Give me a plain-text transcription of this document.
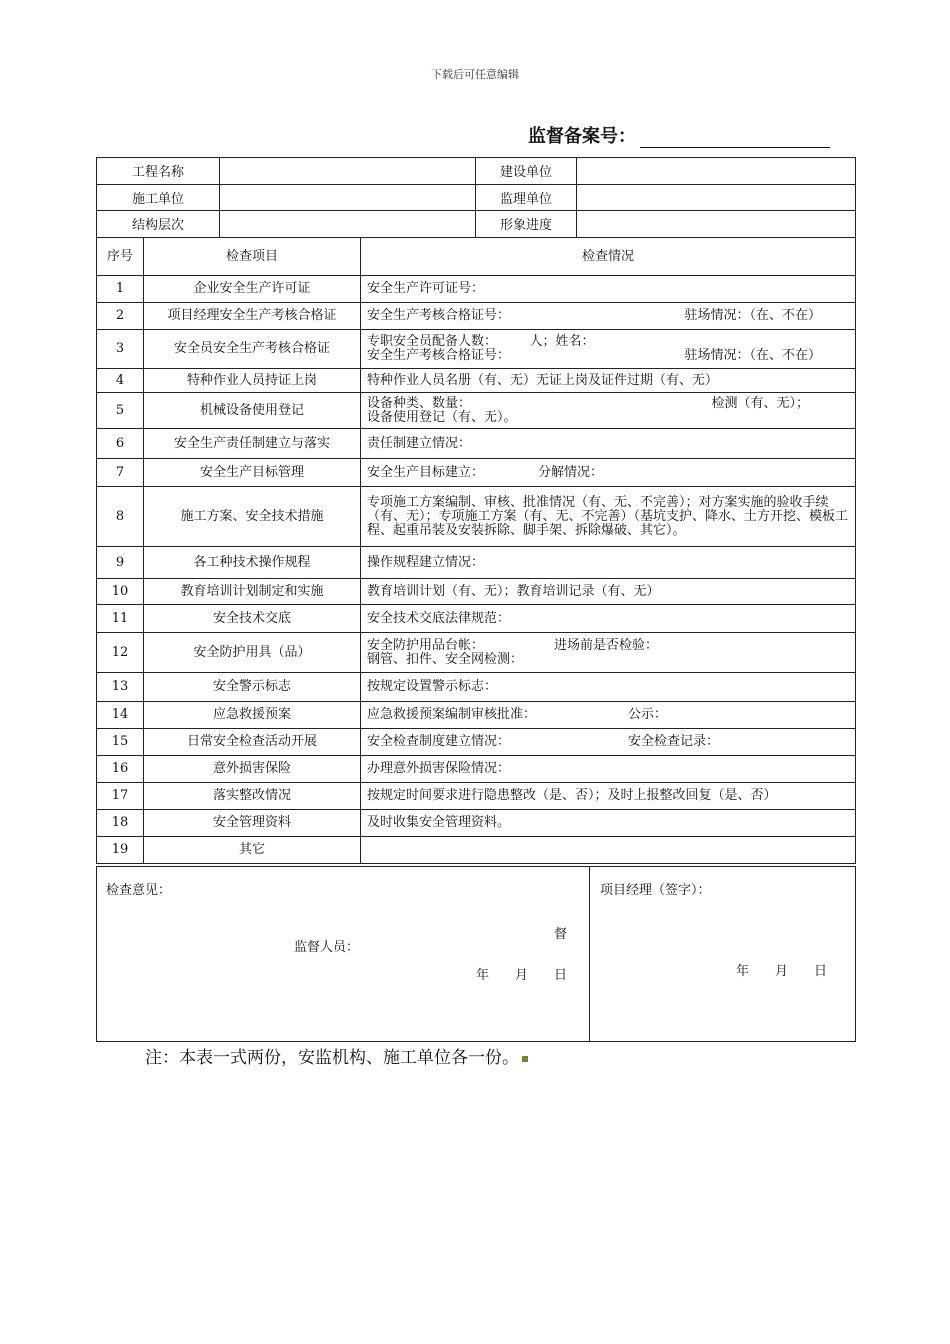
下载后可任意编辑
监督备案号：
工程名称		建设单位	
施工单位		监理单位	
结构层次		形象进度	
序号	检查项目	检查情况
1	企业安全生产许可证	安全生产许可证号：
2	项目经理安全生产考核合格证	安全生产考核合格证号： 驻场情况：（在、不在）

3	安全员安全生产考核合格证	专职安全员配备人数：　　　人；姓名：
安全生产考核合格证号： 驻场情况：（在、不在）

4	特种作业人员持证上岗	特种作业人员名册（有、无）无证上岗及证件过期（有、无）
5	机械设备使用登记	设备种类、数量： 检测（有、无）；
设备使用登记（有、无）。

6	安全生产责任制建立与落实	责任制建立情况：
7	安全生产目标管理	安全生产目标建立： 分解情况：
8	施工方案、安全技术措施	专项施工方案编制、审核、批准情况（有、无、不完善）；对方案实施的验收手续（有、无）；专项施工方案（有、无、不完善）（基坑支护、降水、土方开挖、模板工程、起重吊装及安装拆除、脚手架、拆除爆破、其它）。
9	各工种技术操作规程	操作规程建立情况：
10	教育培训计划制定和实施	教育培训计划（有、无）；教育培训记录（有、无）
11	安全技术交底	安全技术交底法律规范：
12	安全防护用具（品）	安全防护用品台帐： 进场前是否检验：
钢管、扣件、安全网检测：

13	安全警示标志	按规定设置警示标志：
14	应急救援预案	应急救援预案编制审核批准： 公示：
15	日常安全检查活动开展	安全检查制度建立情况： 安全检查记录：
16	意外损害保险	办理意外损害保险情况：
17	落实整改情况	按规定时间要求进行隐患整改（是、否）；及时上报整改回复（是、否）
18	安全管理资料	及时收集安全管理资料。
19	其它	
检查意见：
督
监督人员：
年　　月　　日

项目经理（签字）：
年　　月　　日
注：本表一式两份，安监机构、施工单位各一份。
